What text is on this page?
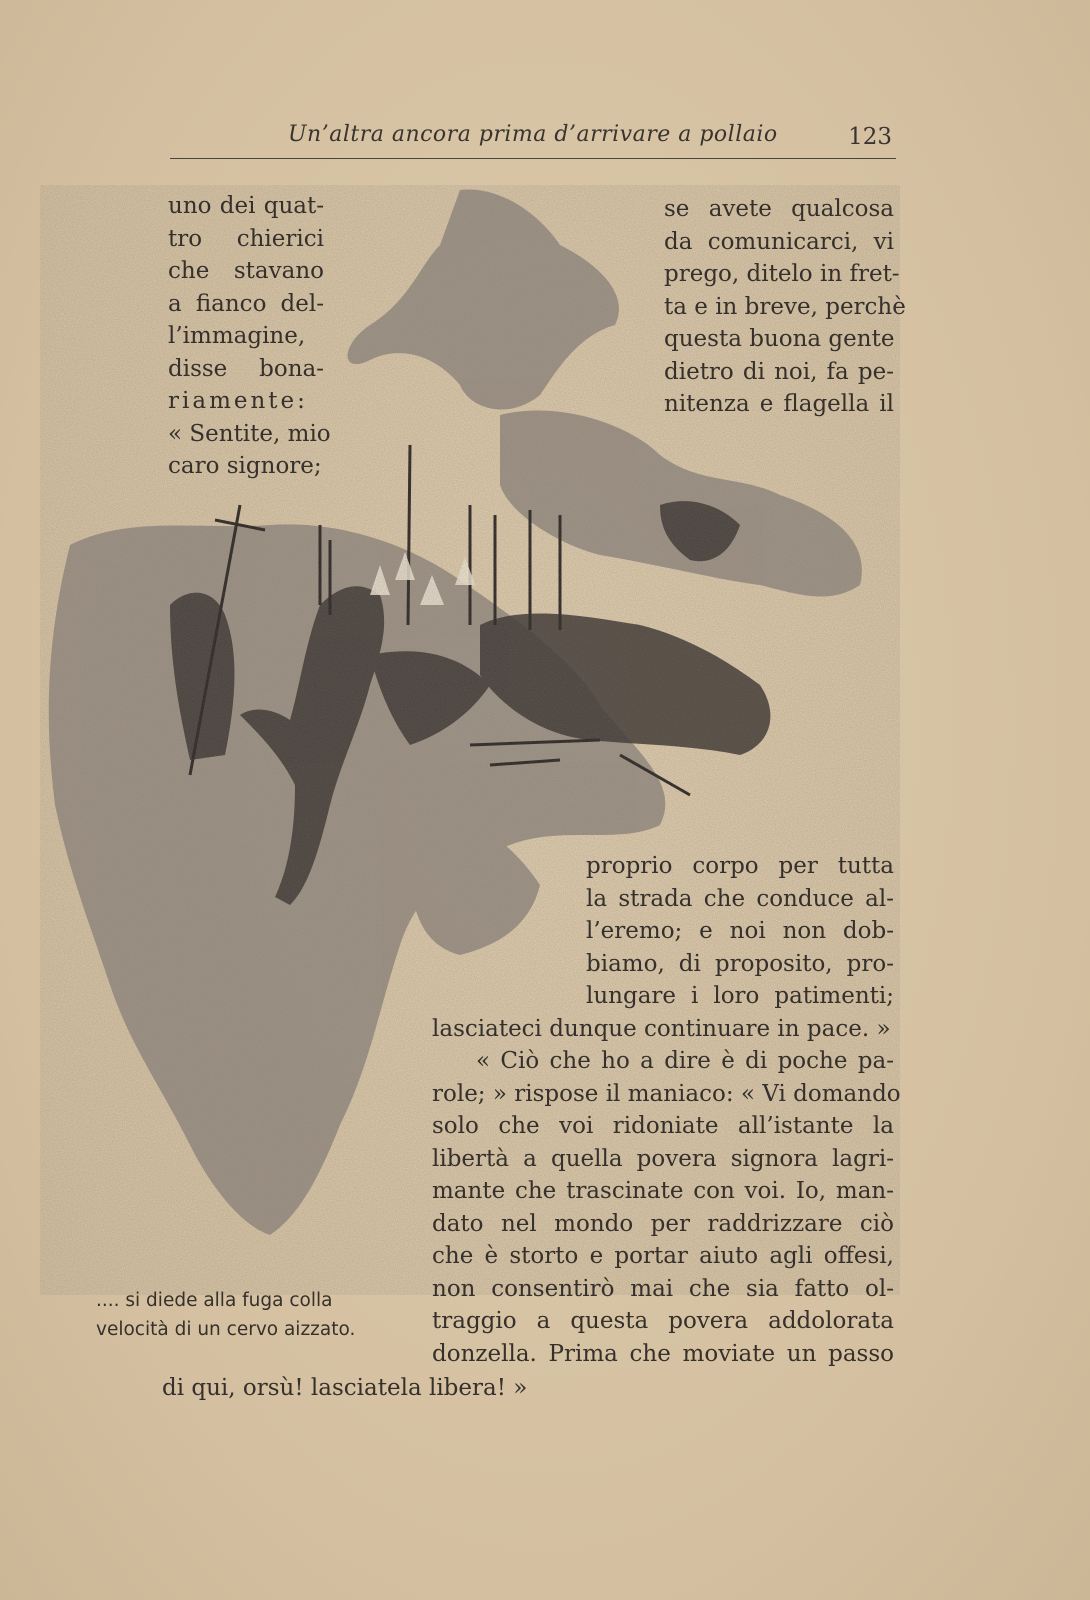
Un’altra ancora prima d’arrivare a pollaio	123
uno dei quat-
tro chierici
che stavano
a fianco del-
l’immagine,
disse bona-
riamente:
« Sentite, mio
caro signore;
se avete qualcosa
da comunicarci, vi
prego, ditelo in fret-
ta e in breve, perchè
questa buona gente
dietro di noi, fa pe-
nitenza e flagella il
proprio corpo per tutta
la strada che conduce al-
l’eremo; e noi non dob-
biamo, di proposito, pro-
lungare i loro patimenti;
lasciateci dunque continuare in pace. »
« Ciò che ho a dire è di poche pa-
role; » rispose il maniaco: « Vi domando
solo che voi ridoniate all’istante la
libertà a quella povera signora lagri-
mante che trascinate con voi. Io, man-
dato nel mondo per raddrizzare ciò
che è storto e portar aiuto agli offesi,
non consentirò mai che sia fatto ol-
traggio a questa povera addolorata
donzella. Prima che moviate un passo
di qui, orsù! lasciatela libera! »
.... si diede alla fuga colla
velocità di un cervo aizzato.
